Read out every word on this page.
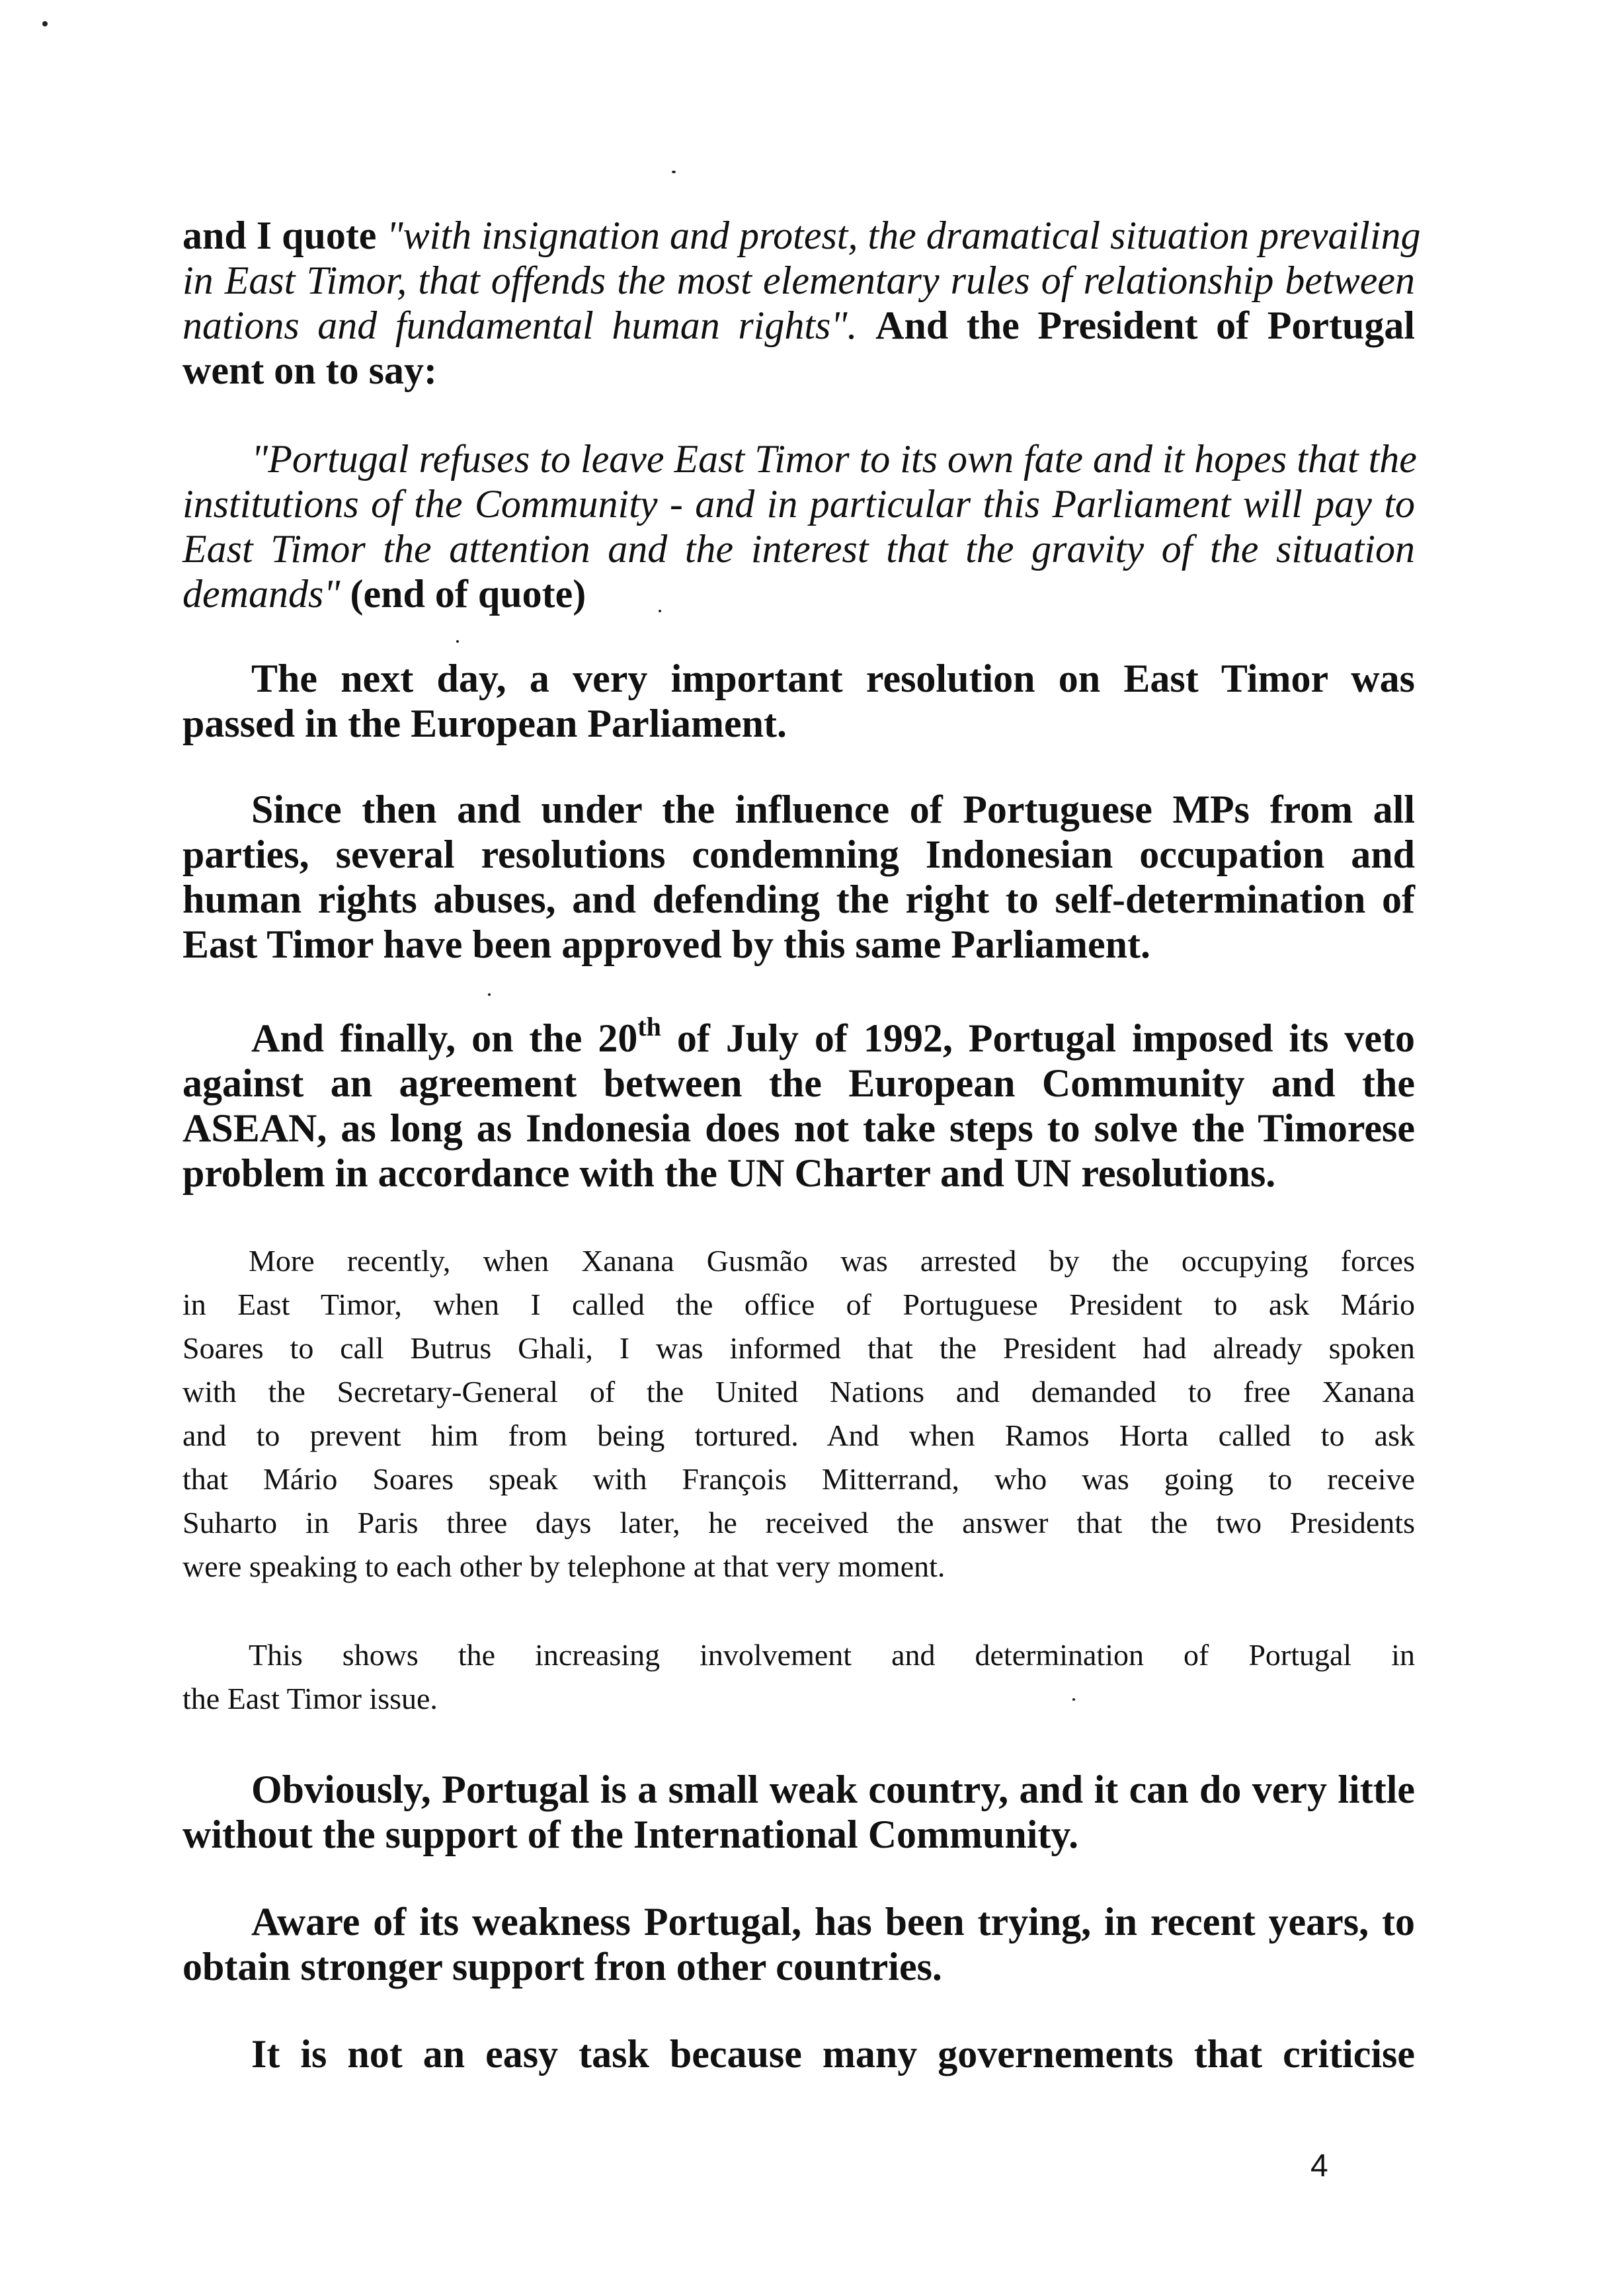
and I quote "with insignation and protest, the dramatical situation prevailing
in East Timor, that offends the most elementary rules of relationship between
nations and fundamental human rights". And the President of Portugal
went on to say:
"Portugal refuses to leave East Timor to its own fate and it hopes that the
institutions of the Community - and in particular this Parliament will pay to
East Timor the attention and the interest that the gravity of the situation
demands" (end of quote)
The next day, a very important resolution on East Timor was
passed in the European Parliament.
Since then and under the influence of Portuguese MPs from all
parties, several resolutions condemning Indonesian occupation and
human rights abuses, and defending the right to self-determination of
East Timor have been approved by this same Parliament.
And finally, on the 20th of July of 1992, Portugal imposed its veto
against an agreement between the European Community and the
ASEAN, as long as Indonesia does not take steps to solve the Timorese
problem in accordance with the UN Charter and UN resolutions.
More recently, when Xanana Gusmão was arrested by the occupying forces
in East Timor, when I called the office of Portuguese President to ask Mário
Soares to call Butrus Ghali, I was informed that the President had already spoken
with the Secretary-General of the United Nations and demanded to free Xanana
and to prevent him from being tortured. And when Ramos Horta called to ask
that Mário Soares speak with François Mitterrand, who was going to receive
Suharto in Paris three days later, he received the answer that the two Presidents
were speaking to each other by telephone at that very moment.
This shows the increasing involvement and determination of Portugal in
the East Timor issue.
Obviously, Portugal is a small weak country, and it can do very little
without the support of the International Community.
Aware of its weakness Portugal, has been trying, in recent years, to
obtain stronger support fron other countries.
It is not an easy task because many governements that criticise
4
